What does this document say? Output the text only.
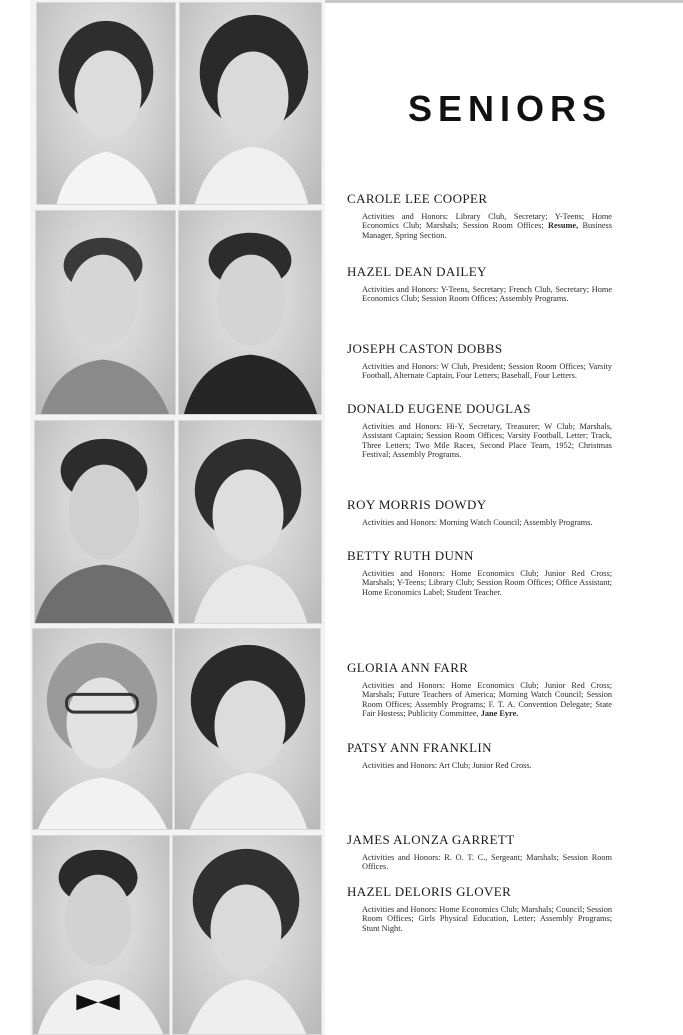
SENIORS

CAROLE LEE COOPER

Activities and Honors: Library Club, Secretary; Y-Teens; Home Economics Club; Marshals; Session Room Offices; Resume, Business Manager, Spring Section.

HAZEL DEAN DAILEY

Activities and Honors: Y-Teens, Secretary; French Club, Secretary; Home Economics Club; Session Room Offices; Assembly Programs.

JOSEPH CASTON DOBBS

Activities and Honors: W Club, President; Session Room Offices; Varsity Football, Alternate Captain, Four Letters; Baseball, Four Letters.

DONALD EUGENE DOUGLAS

Activities and Honors: Hi-Y, Secretary, Treasurer; W Club; Marshals, Assistant Captain; Session Room Offices; Varsity Football, Letter; Track, Three Letters; Two Mile Races, Second Place Team, 1952; Christmas Festival; Assembly Programs.

ROY MORRIS DOWDY

Activities and Honors: Morning Watch Council; Assembly Programs.

BETTY RUTH DUNN

Activities and Honors: Home Economics Club; Junior Red Cross; Marshals; Y-Teens; Library Club; Session Room Offices; Office Assistant; Home Economics Label; Student Teacher.

GLORIA ANN FARR

Activities and Honors: Home Economics Club; Junior Red Cross; Marshals; Future Teachers of America; Morning Watch Council; Session Room Offices; Assembly Programs; F. T. A. Convention Delegate; State Fair Hostess; Publicity Committee, Jane Eyre.

PATSY ANN FRANKLIN

Activities and Honors: Art Club; Junior Red Cross.

JAMES ALONZA GARRETT

Activities and Honors: R. O. T. C., Sergeant; Marshals; Session Room Offices.

HAZEL DELORIS GLOVER

Activities and Honors: Home Economics Club; Marshals; Council; Session Room Offices; Girls Physical Education, Letter; Assembly Programs; Stunt Night.
